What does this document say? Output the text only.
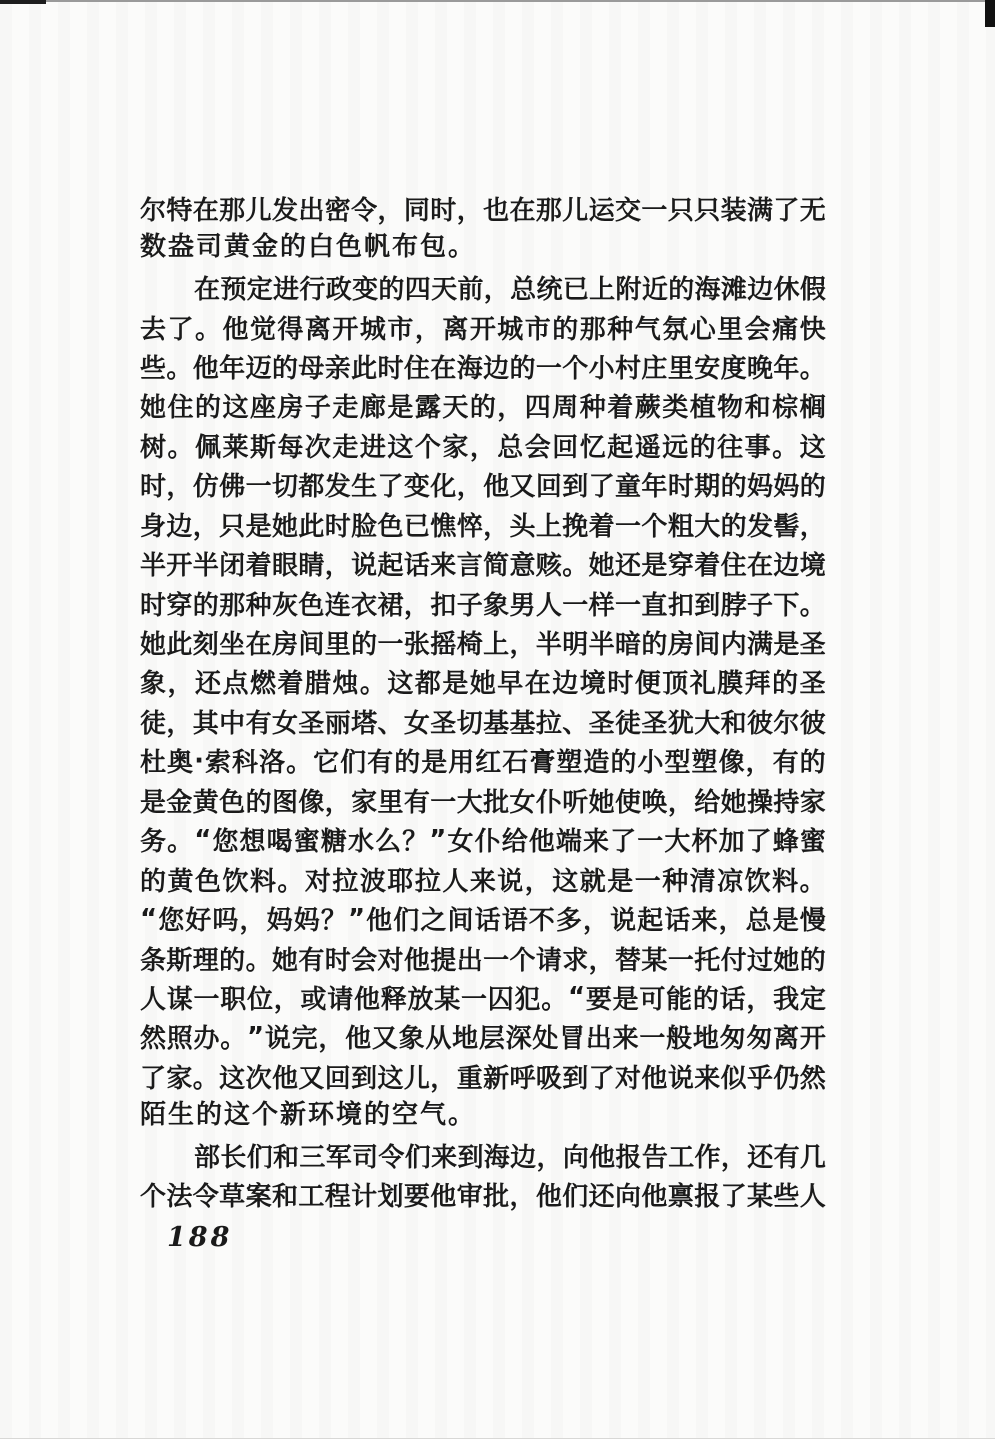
尔 特 在 那 儿 发 出 密 令 ， 同 时 ， 也 在 那 儿 运 交 一 只 只 装 满 了 无
数盎司黄金的白色帆布包。
在 预 定 进 行 政 变 的 四 天 前 ， 总 统 已 上 附 近 的 海 滩 边 休 假
去 了 。 他 觉 得 离 开 城 市 ， 离 开 城 市 的 那 种 气 氛 心 里 会 痛 快
些 。 他 年 迈 的 母 亲 此 时 住 在 海 边 的 一 个 小 村 庄 里 安 度 晚 年 。
她 住 的 这 座 房 子 走 廊 是 露 天 的 ， 四 周 种 着 蕨 类 植 物 和 棕 榈
树 。 佩 莱 斯 每 次 走 进 这 个 家 ， 总 会 回 忆 起 遥 远 的 往 事 。 这
时 ， 仿 佛 一 切 都 发 生 了 变 化 ， 他 又 回 到 了 童 年 时 期 的 妈 妈 的
身 边 ， 只 是 她 此 时 脸 色 已 憔 悴 ， 头 上 挽 着 一 个 粗 大 的 发 髻 ，
半 开 半 闭 着 眼 睛 ， 说 起 话 来 言 简 意 赅 。 她 还 是 穿 着 住 在 边 境
时 穿 的 那 种 灰 色 连 衣 裙 ， 扣 子 象 男 人 一 样 一 直 扣 到 脖 子 下 。
她 此 刻 坐 在 房 间 里 的 一 张 摇 椅 上 ， 半 明 半 暗 的 房 间 内 满 是 圣
象 ， 还 点 燃 着 腊 烛 。 这 都 是 她 早 在 边 境 时 便 顶 礼 膜 拜 的 圣
徒 ， 其 中 有 女 圣 丽 塔 、 女 圣 切 基 基 拉 、 圣 徒 圣 犹 大 和 彼 尔 彼
杜 奥 · 索 科 洛 。 它 们 有 的 是 用 红 石 膏 塑 造 的 小 型 塑 像 ， 有 的
是 金 黄 色 的 图 像 ， 家 里 有 一 大 批 女 仆 听 她 使 唤 ， 给 她 操 持 家
务 。 “ 您 想 喝 蜜 糖 水 么 ？ ” 女 仆 给 他 端 来 了 一 大 杯 加 了 蜂 蜜
的 黄 色 饮 料 。 对 拉 波 耶 拉 人 来 说 ， 这 就 是 一 种 清 凉 饮 料 。
“ 您 好 吗 ， 妈 妈 ？ ” 他 们 之 间 话 语 不 多 ， 说 起 话 来 ， 总 是 慢
条 斯 理 的 。 她 有 时 会 对 他 提 出 一 个 请 求 ， 替 某 一 托 付 过 她 的
人 谋 一 职 位 ， 或 请 他 释 放 某 一 囚 犯 。 “ 要 是 可 能 的 话 ， 我 定
然 照 办 。 ” 说 完 ， 他 又 象 从 地 层 深 处 冒 出 来 一 般 地 匆 匆 离 开
了 家 。 这 次 他 又 回 到 这 儿 ， 重 新 呼 吸 到 了 对 他 说 来 似 乎 仍 然
陌生的这个新环境的空气。
部 长 们 和 三 军 司 令 们 来 到 海 边 ， 向 他 报 告 工 作 ， 还 有 几
个 法 令 草 案 和 工 程 计 划 要 他 审 批 ， 他 们 还 向 他 禀 报 了 某 些 人
188
